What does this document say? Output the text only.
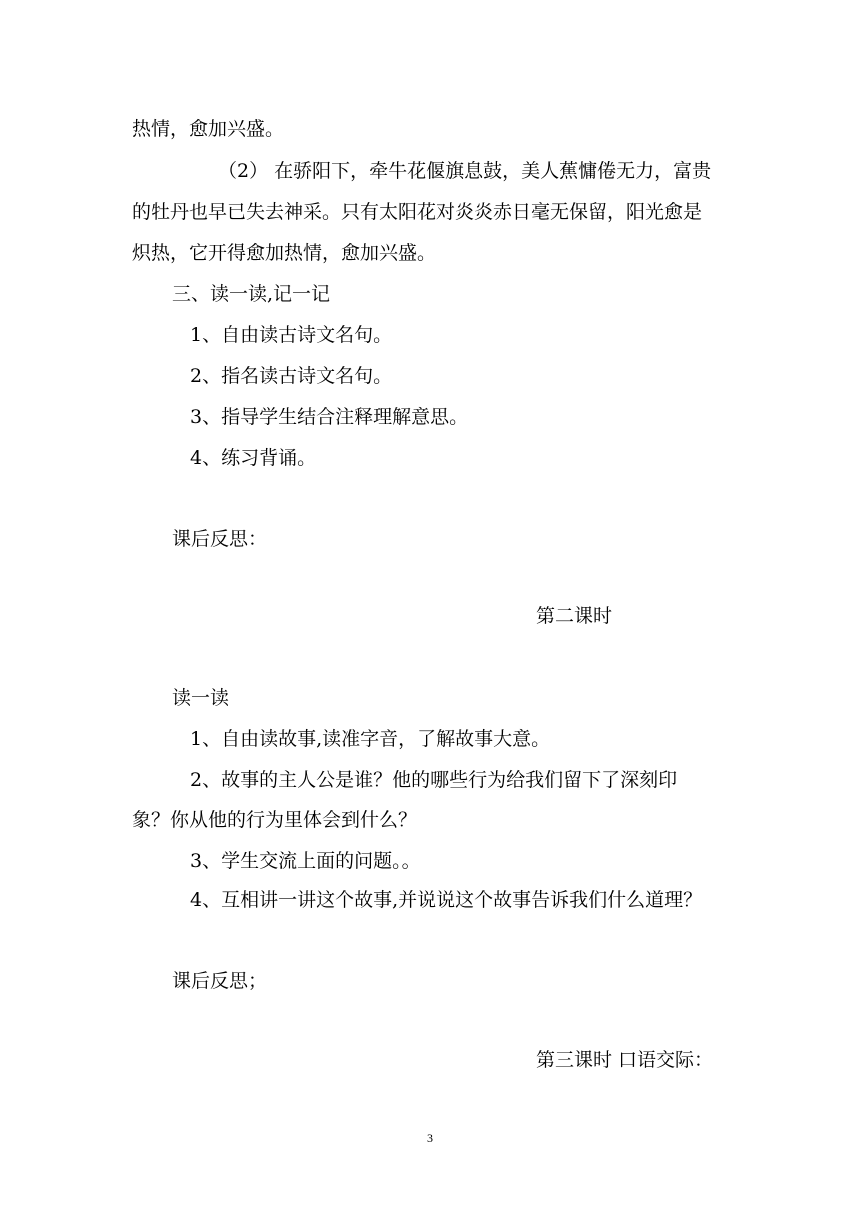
热情，愈加兴盛。

（2） 在骄阳下，牵牛花偃旗息鼓，美人蕉慵倦无力，富贵

的牡丹也早已失去神采。只有太阳花对炎炎赤日毫无保留，阳光愈是

炽热，它开得愈加热情，愈加兴盛。

三、读一读,记一记

1、自由读古诗文名句。

2、指名读古诗文名句。

3、指导学生结合注释理解意思。

4、练习背诵。

课后反思：

第二课时

读一读

1、自由读故事,读准字音，了解故事大意。

2、故事的主人公是谁？他的哪些行为给我们留下了深刻印

象？你从他的行为里体会到什么？

3、学生交流上面的问题。。

4、互相讲一讲这个故事,并说说这个故事告诉我们什么道理？

课后反思；

第三课时 口语交际：

3
